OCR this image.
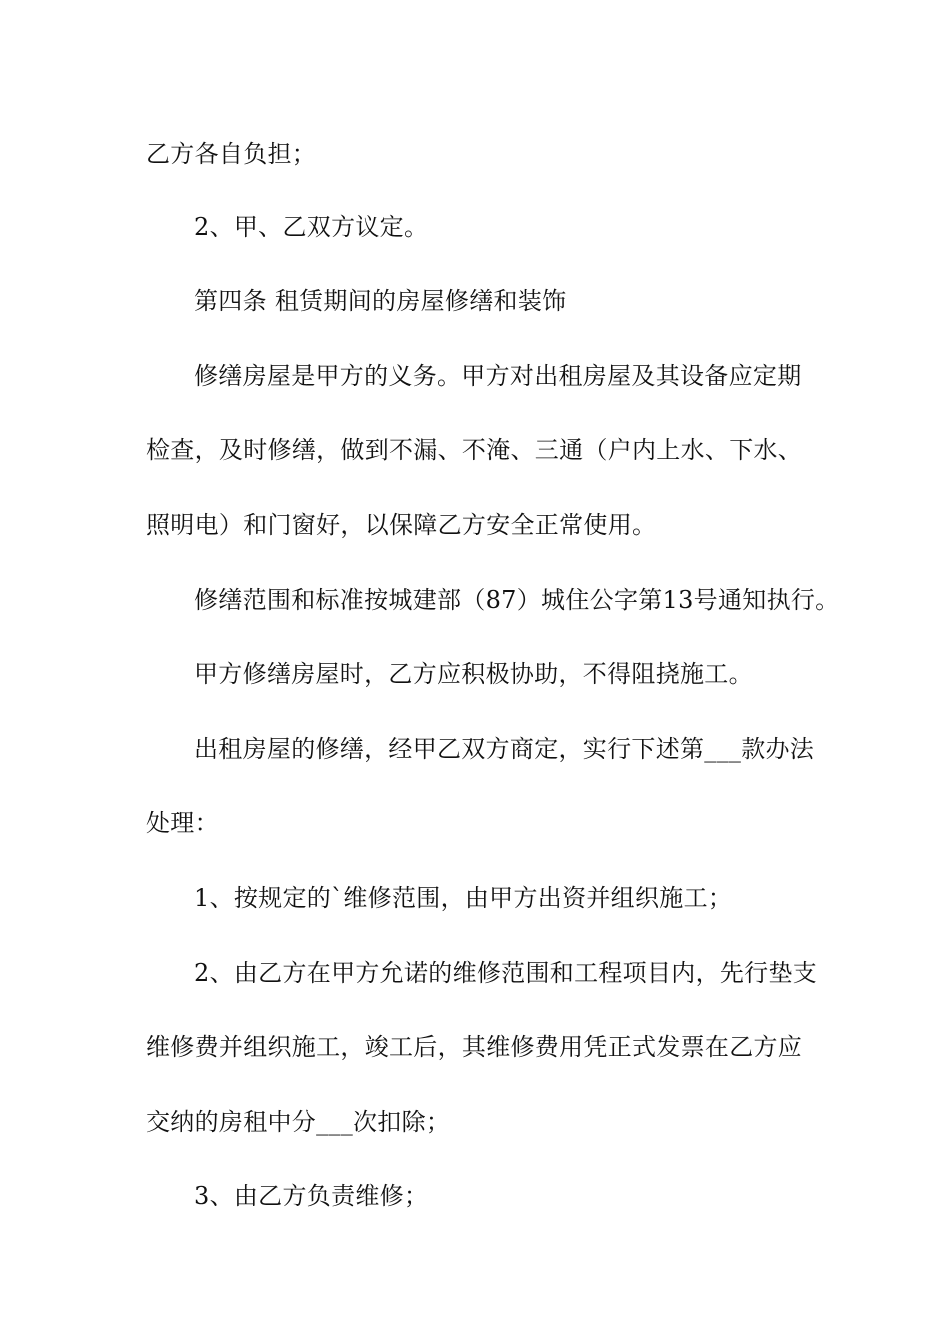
乙方各自负担；
2、甲、乙双方议定。
第四条 租赁期间的房屋修缮和装饰
修缮房屋是甲方的义务。甲方对出租房屋及其设备应定期
检查，及时修缮，做到不漏、不淹、三通（户内上水、下水、
照明电）和门窗好，以保障乙方安全正常使用。
修缮范围和标准按城建部（87）城住公字第13号通知执行。
甲方修缮房屋时，乙方应积极协助，不得阻挠施工。
出租房屋的修缮，经甲乙双方商定，实行下述第___款办法
处理：
1、按规定的`维修范围，由甲方出资并组织施工；
2、由乙方在甲方允诺的维修范围和工程项目内，先行垫支
维修费并组织施工，竣工后，其维修费用凭正式发票在乙方应
交纳的房租中分___次扣除；
3、由乙方负责维修；
